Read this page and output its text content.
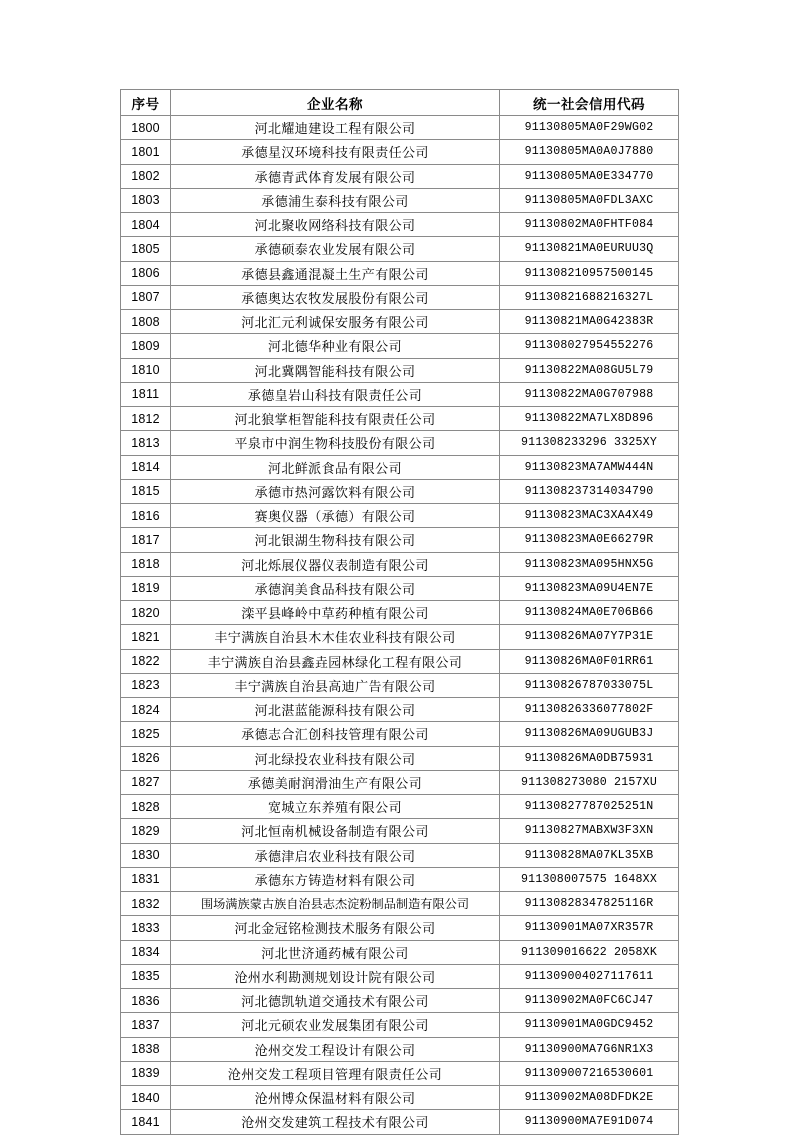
序号	企业名称	统一社会信用代码
1800	河北耀迪建设工程有限公司	91130805MA0F29WG02
1801	承德星汉环境科技有限责任公司	91130805MA0A0J7880
1802	承德青武体育发展有限公司	91130805MA0E334770
1803	承德浦生泰科技有限公司	91130805MA0FDL3AXC
1804	河北聚收网络科技有限公司	91130802MA0FHTF084
1805	承德硕泰农业发展有限公司	91130821MA0EURUU3Q
1806	承德县鑫通混凝土生产有限公司	911308210957500145
1807	承德奥达农牧发展股份有限公司	91130821688216327L
1808	河北汇元利诚保安服务有限公司	91130821MA0G42383R
1809	河北德华种业有限公司	911308027954552276
1810	河北冀隅智能科技有限公司	91130822MA08GU5L79
1811	承德皇岩山科技有限责任公司	91130822MA0G707988
1812	河北狼掌柜智能科技有限责任公司	91130822MA7LX8D896
1813	平泉市中润生物科技股份有限公司	911308233296 3325XY
1814	河北鲜派食品有限公司	91130823MA7AMW444N
1815	承德市热河露饮料有限公司	911308237314034790
1816	赛奥仪器（承德）有限公司	91130823MAC3XA4X49
1817	河北银湖生物科技有限公司	91130823MA0E66279R
1818	河北烁展仪器仪表制造有限公司	91130823MA095HNX5G
1819	承德润美食品科技有限公司	91130823MA09U4EN7E
1820	滦平县峰岭中草药种植有限公司	91130824MA0E706B66
1821	丰宁满族自治县木木佳农业科技有限公司	91130826MA07Y7P31E
1822	丰宁满族自治县鑫垚园林绿化工程有限公司	91130826MA0F01RR61
1823	丰宁满族自治县高迪广告有限公司	91130826787033075L
1824	河北湛蓝能源科技有限公司	91130826336077802F
1825	承德志合汇创科技管理有限公司	91130826MA09UGUB3J
1826	河北绿投农业科技有限公司	91130826MA0DB75931
1827	承德美耐润滑油生产有限公司	911308273080 2157XU
1828	宽城立东养殖有限公司	91130827787025251N
1829	河北恒南机械设备制造有限公司	91130827MABXW3F3XN
1830	承德津启农业科技有限公司	91130828MA07KL35XB
1831	承德东方铸造材料有限公司	911308007575 1648XX
1832	围场满族蒙古族自治县志杰淀粉制品制造有限公司	91130828347825116R
1833	河北金冠铭检测技术服务有限公司	91130901MA07XR357R
1834	河北世济通药械有限公司	911309016622 2058XK
1835	沧州水利勘测规划设计院有限公司	911309004027117611
1836	河北德凯轨道交通技术有限公司	91130902MA0FC6CJ47
1837	河北元硕农业发展集团有限公司	91130901MA0GDC9452
1838	沧州交发工程设计有限公司	91130900MA7G6NR1X3
1839	沧州交发工程项目管理有限责任公司	911309007216530601
1840	沧州博众保温材料有限公司	91130902MA08DFDK2E
1841	沧州交发建筑工程技术有限公司	91130900MA7E91D074
